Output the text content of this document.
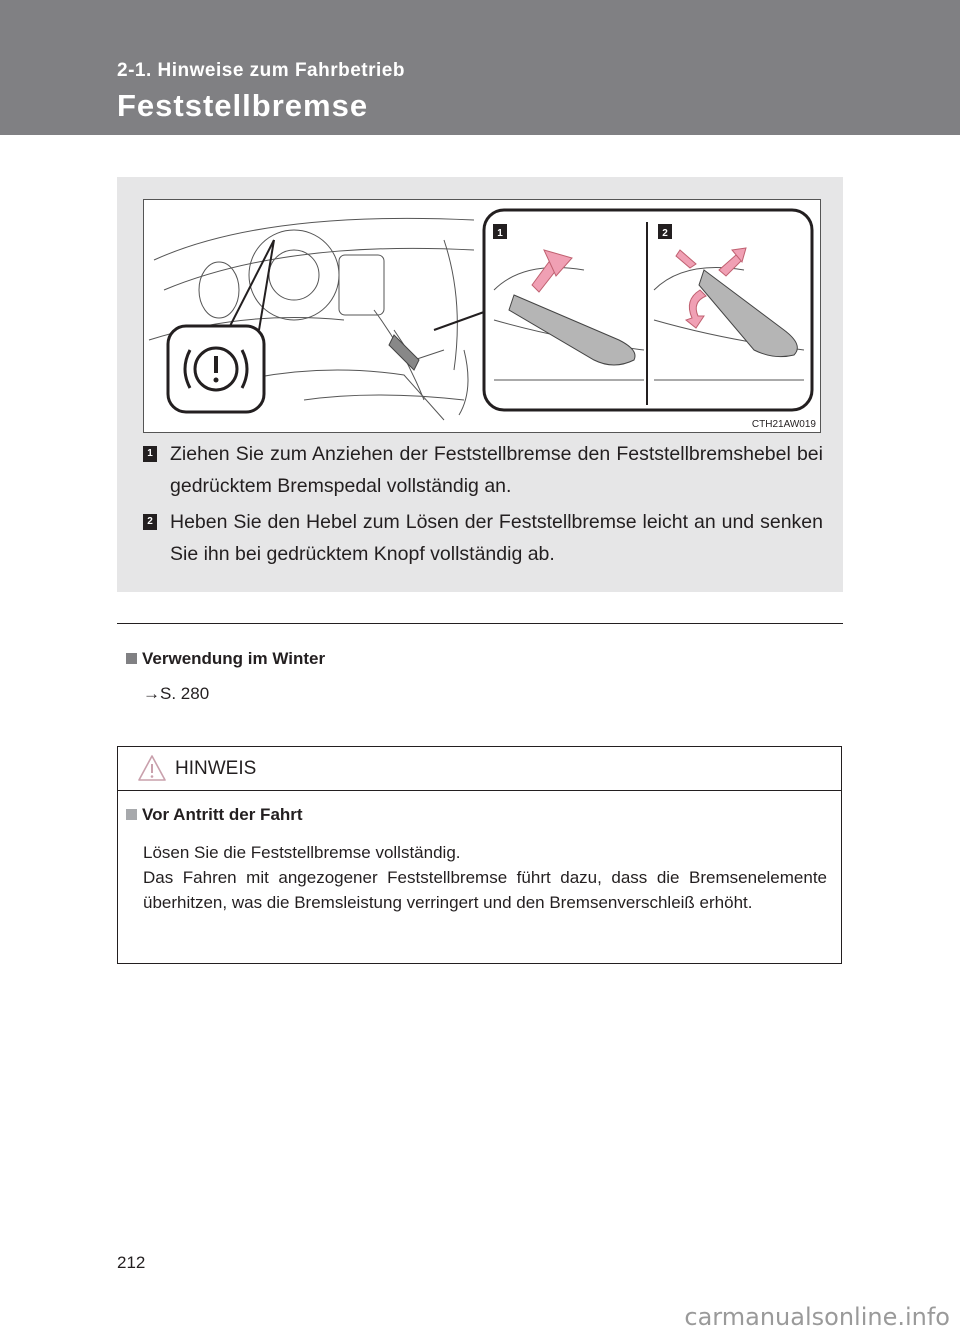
2-1. Hinweise zum Fahrbetrieb
Feststellbremse
1	2
CTH21AW019
1 Ziehen Sie zum Anziehen der Feststellbremse den Feststellbremshebel bei gedrücktem Bremspedal vollständig an.
2 Heben Sie den Hebel zum Lösen der Feststellbremse leicht an und senken Sie ihn bei gedrücktem Knopf vollständig ab.
Verwendung im Winter
→S. 280
HINWEIS
Vor Antritt der Fahrt

Lösen Sie die Feststellbremse vollständig.

Das Fahren mit angezogener Feststellbremse führt dazu, dass die Bremsenelemente überhitzen, was die Bremsleistung verringert und den Bremsenverschleiß erhöht.

212
carmanualsonline.info
